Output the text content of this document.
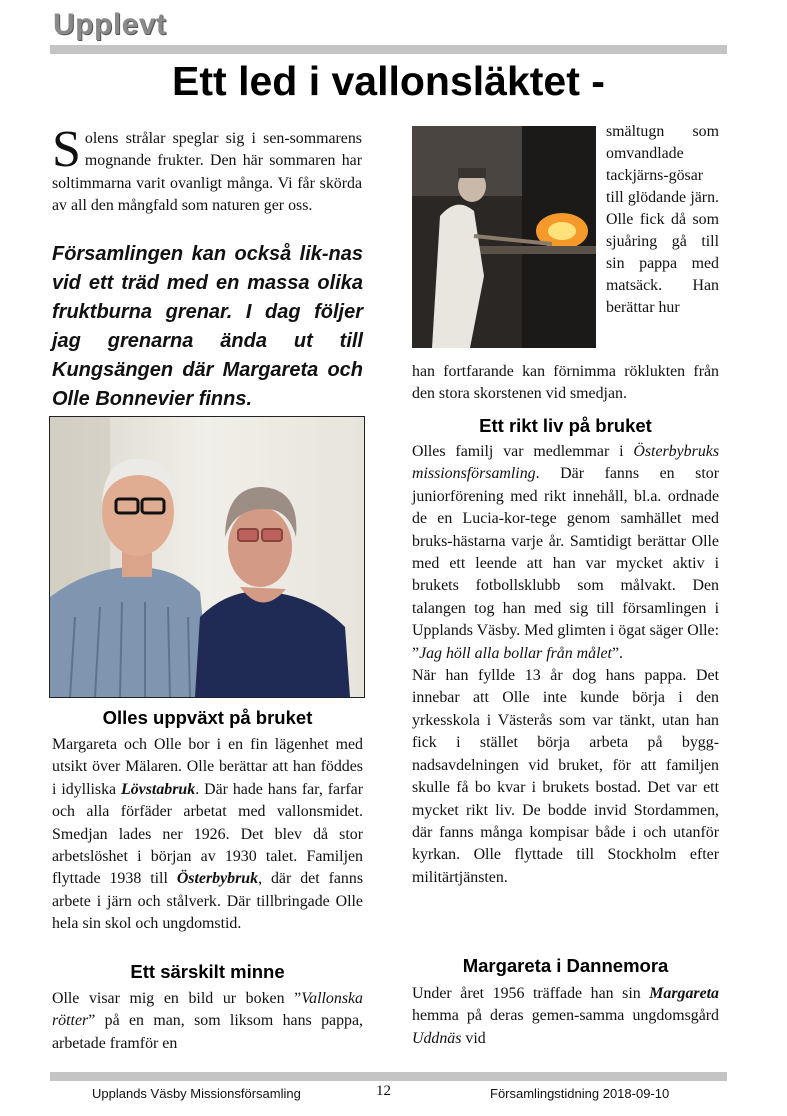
Upplevt
Ett led i vallonsläktet -

Solens strålar speglar sig i sen-sommarens mognande frukter. Den här sommaren har soltimmarna varit ovanligt många. Vi får skörda av all den mångfald som naturen ger oss.

Församlingen kan också lik-nas vid ett träd med en massa olika fruktburna grenar. I dag följer jag grenarna ända ut till Kungsängen där Margareta och Olle Bonnevier finns.
Olles uppväxt på bruket

Margareta och Olle bor i en fin lägenhet med utsikt över Mälaren. Olle berättar att han föddes i idylliska Lövstabruk. Där hade hans far, farfar och alla förfäder arbetat med vallonsmidet. Smedjan lades ner 1926. Det blev då stor arbetslöshet i början av 1930 talet. Familjen flyttade 1938 till Österbybruk, där det fanns arbete i järn och stålverk. Där tillbringade Olle hela sin skol och ungdomstid.

Ett särskilt minne

Olle visar mig en bild ur boken ”Vallonska rötter” på en man, som liksom hans pappa, arbetade framför en

smältugn som omvandlade tackjärns-gösar till glödande järn. Olle fick då som sjuåring gå till sin pappa med matsäck. Han berättar hur
han fortfarande kan förnimma röklukten från den stora skorstenen vid smedjan.
Ett rikt liv på bruket

Olles familj var medlemmar i Österbybruks missionsförsamling. Där fanns en stor juniorförening med rikt innehåll, bl.a. ordnade de en Lucia-kor-tege genom samhället med bruks-hästarna varje år. Samtidigt berättar Olle med ett leende att han var mycket aktiv i brukets fotbollsklubb som målvakt. Den talangen tog han med sig till församlingen i Upplands Väsby. Med glimten i ögat säger Olle: ”Jag höll alla bollar från målet”.

När han fyllde 13 år dog hans pappa. Det innebar att Olle inte kunde börja i den yrkesskola i Västerås som var tänkt, utan han fick i stället börja arbeta på bygg-nadsavdelningen vid bruket, för att familjen skulle få bo kvar i brukets bostad. Det var ett mycket rikt liv. De bodde invid Stordammen, där fanns många kompisar både i och utanför kyrkan. Olle flyttade till Stockholm efter militärtjänsten.

Margareta i Dannemora

Under året 1956 träffade han sin Margareta hemma på deras gemen-samma ungdomsgård Uddnäs vid

Upplands Väsby Missionsförsamling	12	Församlingstidning 2018-09-10
